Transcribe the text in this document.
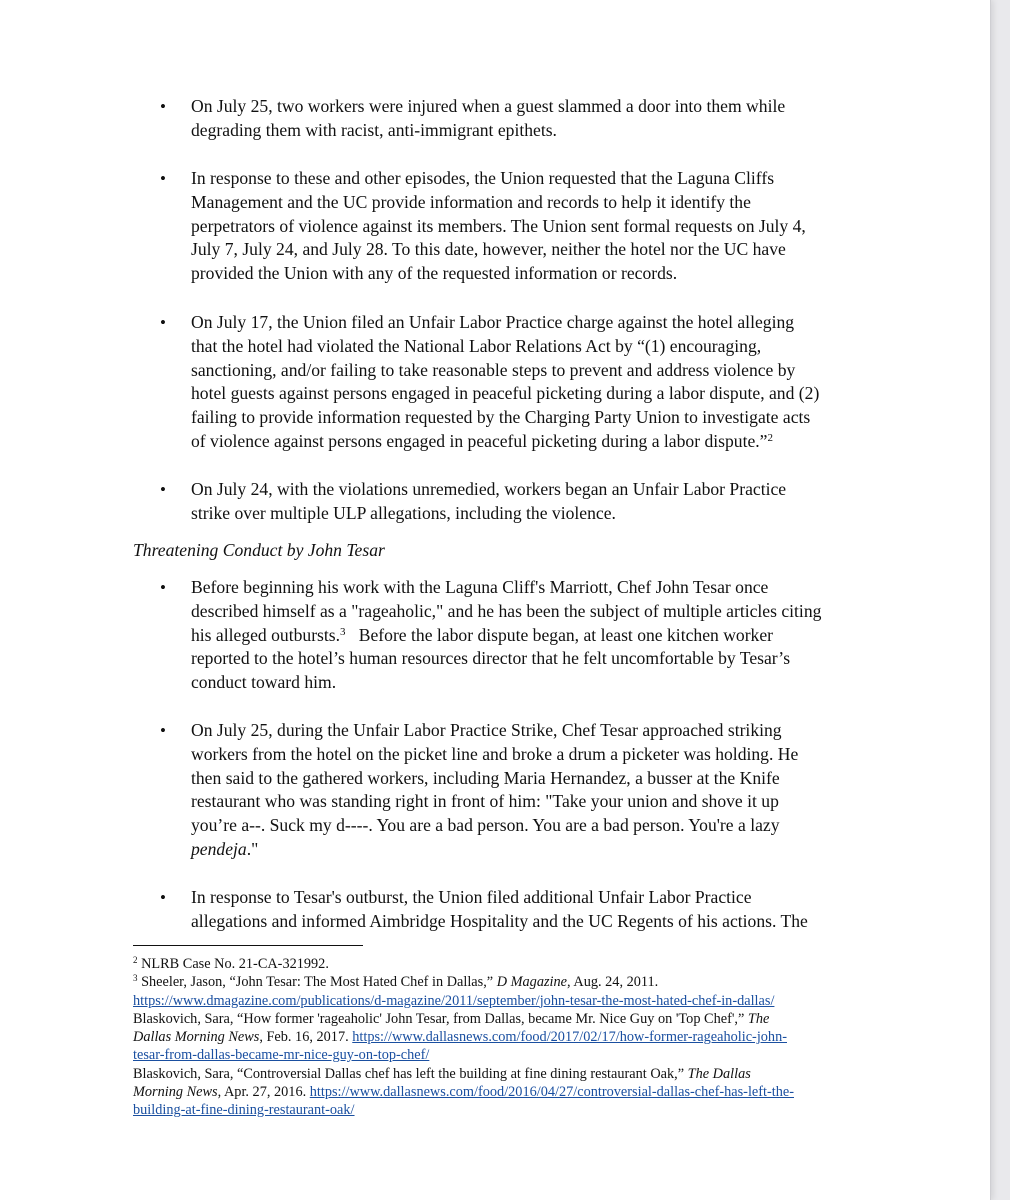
• On July 25, two workers were injured when a guest slammed a door into them while
degrading them with racist, anti-immigrant epithets.
• In response to these and other episodes, the Union requested that the Laguna Cliffs
Management and the UC provide information and records to help it identify the
perpetrators of violence against its members. The Union sent formal requests on July 4,
July 7, July 24, and July 28. To this date, however, neither the hotel nor the UC have
provided the Union with any of the requested information or records.
• On July 17, the Union filed an Unfair Labor Practice charge against the hotel alleging
that the hotel had violated the National Labor Relations Act by “(1) encouraging,
sanctioning, and/or failing to take reasonable steps to prevent and address violence by
hotel guests against persons engaged in peaceful picketing during a labor dispute, and (2)
failing to provide information requested by the Charging Party Union to investigate acts
of violence against persons engaged in peaceful picketing during a labor dispute.”$^2$
• On July 24, with the violations unremedied, workers began an Unfair Labor Practice
strike over multiple ULP allegations, including the violence.
Threatening Conduct by John Tesar
• Before beginning his work with the Laguna Cliff's Marriott, Chef John Tesar once
described himself as a "rageaholic," and he has been the subject of multiple articles citing
his alleged outbursts.$^3$   Before the labor dispute began, at least one kitchen worker
reported to the hotel’s human resources director that he felt uncomfortable by Tesar’s
conduct toward him.
• On July 25, during the Unfair Labor Practice Strike, Chef Tesar approached striking
workers from the hotel on the picket line and broke a drum a picketer was holding. He
then said to the gathered workers, including Maria Hernandez, a busser at the Knife
restaurant who was standing right in front of him: "Take your union and shove it up
you’re a--. Suck my d----. You are a bad person. You are a bad person. You're a lazy
pendeja."
• In response to Tesar's outburst, the Union filed additional Unfair Labor Practice
allegations and informed Aimbridge Hospitality and the UC Regents of his actions. The
$^2$ NLRB Case No. 21-CA-321992.
$^3$ Sheeler, Jason, “John Tesar: The Most Hated Chef in Dallas,” D Magazine, Aug. 24, 2011.
https://www.dmagazine.com/publications/d-magazine/2011/september/john-tesar-the-most-hated-chef-in-dallas/
Blaskovich, Sara, “How former 'rageaholic' John Tesar, from Dallas, became Mr. Nice Guy on 'Top Chef',” The
Dallas Morning News, Feb. 16, 2017. https://www.dallasnews.com/food/2017/02/17/how-former-rageaholic-john-
tesar-from-dallas-became-mr-nice-guy-on-top-chef/
Blaskovich, Sara, “Controversial Dallas chef has left the building at fine dining restaurant Oak,” The Dallas
Morning News, Apr. 27, 2016. https://www.dallasnews.com/food/2016/04/27/controversial-dallas-chef-has-left-the-
building-at-fine-dining-restaurant-oak/
